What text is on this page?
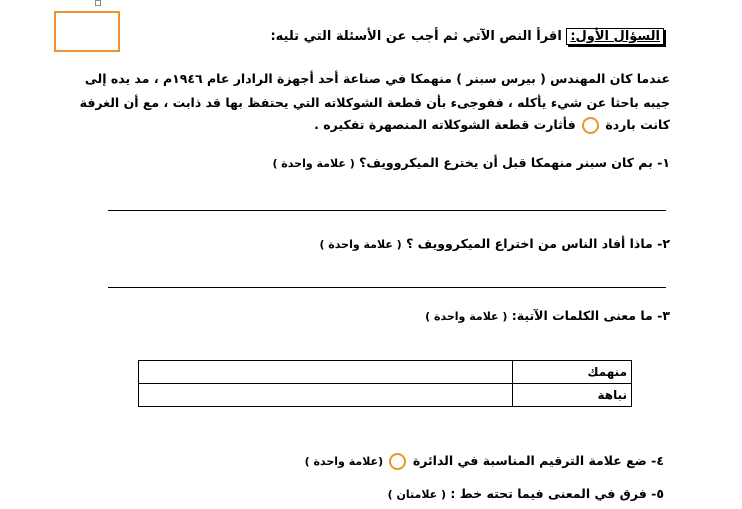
السؤال الأول: اقرأ النص الآتي ثم أجب عن الأسئلة التي تليه:
عندما كان المهندس ( بيرس سبنر ) منهمكا في صناعة أحد أجهزة الرادار عام ١٩٤٦م ، مد يده إلى
جيبه باحثا عن شيء يأكله ، ففوجىء بأن قطعة الشوكلاته التي يحتفظ بها قد ذابت ، مع أن الغرفة
كانت باردة  فأثارت قطعة الشوكلاته المنصهرة تفكيره .
١- بم كان سبنر منهمكا قبل أن يخترع الميكروويف؟ ( علامة واحدة )
٢- ماذا أفاد الناس من اختراع الميكروويف ؟ ( علامة واحدة )
٣- ما معنى الكلمات الآتية: ( علامة واحدة )
منهمك	
نباهة	
٤- ضع علامة الترقيم المناسبة في الدائرة  (علامة واحدة )
٥- فرق في المعنى فيما تحته خط : ( علامتان )
